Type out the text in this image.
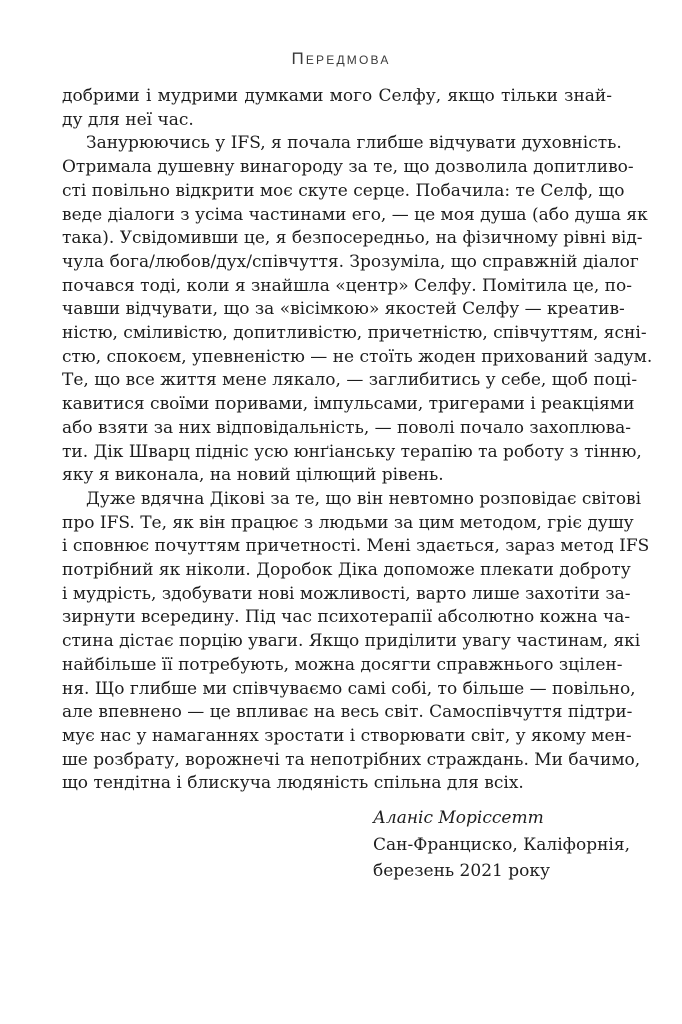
Передмова
добрими і мудрими думками мого Селфу, якщо тільки знай-
ду для неї час.
Занурюючись у IFS, я почала глибше відчувати духовність.
Отримала душевну винагороду за те, що дозволила допитливо-
сті повільно відкрити моє скуте серце. Побачила: те Селф, що
веде діалоги з усіма частинами его, — це моя душа (або душа як
така). Усвідомивши це, я безпосередньо, на фізичному рівні від-
чула бога/любов/дух/співчуття. Зрозуміла, що справжній діалог
почався тоді, коли я знайшла «центр» Селфу. Помітила це, по-
чавши відчувати, що за «вісімкою» якостей Селфу — креатив-
ністю, сміливістю, допитливістю, причетністю, співчуттям, ясні-
стю, спокоєм, упевненістю — не стоїть жоден прихований задум.
Те, що все життя мене лякало, — заглибитись у себе, щоб поці-
кавитися своїми поривами, імпульсами, тригерами і реакціями
або взяти за них відповідальність, — поволі почало захоплюва-
ти. Дік Шварц підніс усю юнґіанську терапію та роботу з тінню,
яку я виконала, на новий цілющий рівень.
Дуже вдячна Дікові за те, що він невтомно розповідає світові
про IFS. Те, як він працює з людьми за цим методом, гріє душу
і сповнює почуттям причетності. Мені здається, зараз метод IFS
потрібний як ніколи. Доробок Діка допоможе плекати доброту
і мудрість, здобувати нові можливості, варто лише захотіти за-
зирнути всередину. Під час психотерапії абсолютно кожна ча-
стина дістає порцію уваги. Якщо приділити увагу частинам, які
найбільше її потребують, можна досягти справжнього зцілен-
ня. Що глибше ми співчуваємо самі собі, то більше — повільно,
але впевнено — це впливає на весь світ. Самоспівчуття підтри-
мує нас у намаганнях зростати і створювати світ, у якому мен-
ше розбрату, ворожнечі та непотрібних страждань. Ми бачимо,
що тендітна і блискуча людяність спільна для всіх.
Аланіс Моріссетт
Сан-Франциско, Каліфорнія,
березень 2021 року
